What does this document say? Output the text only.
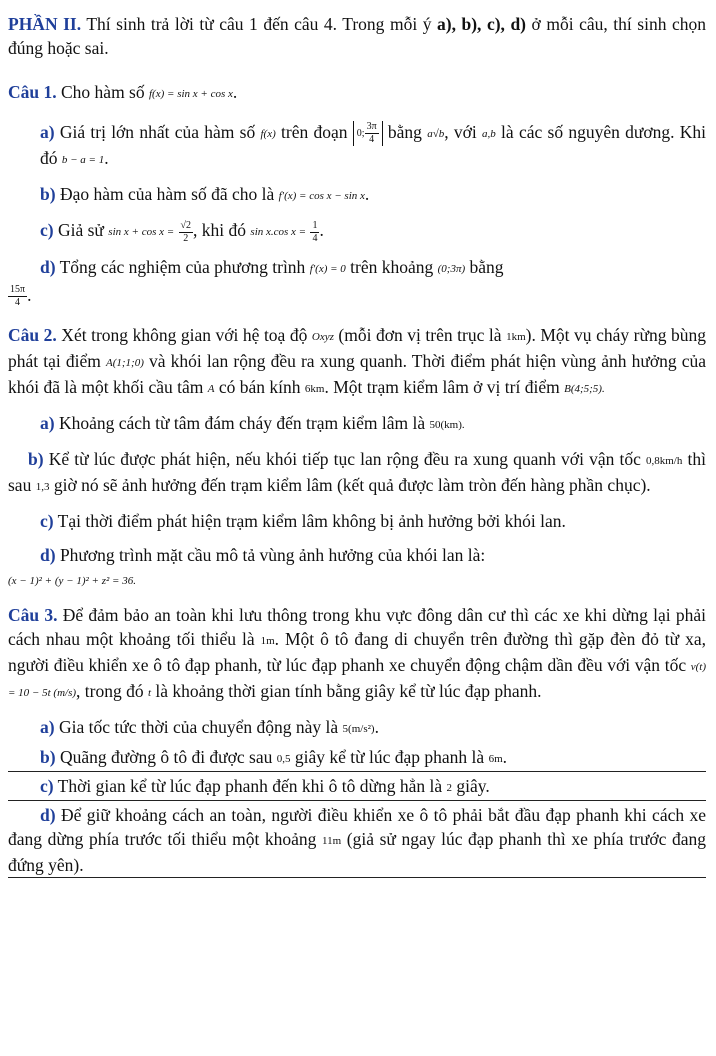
PHẦN II. Thí sinh trả lời từ câu 1 đến câu 4. Trong mỗi ý a), b), c), d) ở mỗi câu, thí sinh chọn đúng hoặc sai.

Câu 1. Cho hàm số f(x) = sin x + cos x.

a) Giá trị lớn nhất của hàm số f(x) trên đoạn 0; $\frac{3\pi}{4}$ bằng a√b, với a,b là các số nguyên dương. Khi đó b − a = 1.

b) Đạo hàm của hàm số đã cho là f′(x) = cos x − sin x.

c) Giả sử $\sin x + \cos x = \frac{√2}{2}$ , khi đó sin x.cos $x = \frac{1}{4}$ .

d) Tổng các nghiệm của phương trình f′(x) = 0 trên khoảng (0;3π) bằng

$\frac{15\pi}{4}$ .

Câu 2. Xét trong không gian với hệ toạ độ Oxyz (mỗi đơn vị trên trục là 1km). Một vụ cháy rừng bùng phát tại điểm A(1;1;0) và khói lan rộng đều ra xung quanh. Thời điểm phát hiện vùng ảnh hưởng của khói đã là một khối cầu tâm A có bán kính 6km. Một trạm kiểm lâm ở vị trí điểm B(4;5;5).

a) Khoảng cách từ tâm đám cháy đến trạm kiểm lâm là 50(km).

b) Kể từ lúc được phát hiện, nếu khói tiếp tục lan rộng đều ra xung quanh với vận tốc 0,8km/h thì sau 1,3 giờ nó sẽ ảnh hưởng đến trạm kiểm lâm (kết quả được làm tròn đến hàng phần chục).

c) Tại thời điểm phát hiện trạm kiểm lâm không bị ảnh hưởng bởi khói lan.

d) Phương trình mặt cầu mô tả vùng ảnh hưởng của khói lan là:

(x − 1)² + (y − 1)² + z² = 36.

Câu 3. Để đảm bảo an toàn khi lưu thông trong khu vực đông dân cư thì các xe khi dừng lại phải cách nhau một khoảng tối thiểu là 1m. Một ô tô đang di chuyển trên đường thì gặp đèn đỏ từ xa, người điều khiển xe ô tô đạp phanh, từ lúc đạp phanh xe chuyển động chậm dần đều với vận tốc v(t) = 10 − 5t (m/s), trong đó t là khoảng thời gian tính bằng giây kể từ lúc đạp phanh.

a) Gia tốc tức thời của chuyển động này là 5(m/s²).

b) Quãng đường ô tô đi được sau 0,5 giây kể từ lúc đạp phanh là 6m.

c) Thời gian kể từ lúc đạp phanh đến khi ô tô dừng hẳn là 2 giây.

d) Để giữ khoảng cách an toàn, người điều khiển xe ô tô phải bắt đầu đạp phanh khi cách xe đang dừng phía trước tối thiểu một khoảng 11m (giả sử ngay lúc đạp phanh thì xe phía trước đang đứng yên).
